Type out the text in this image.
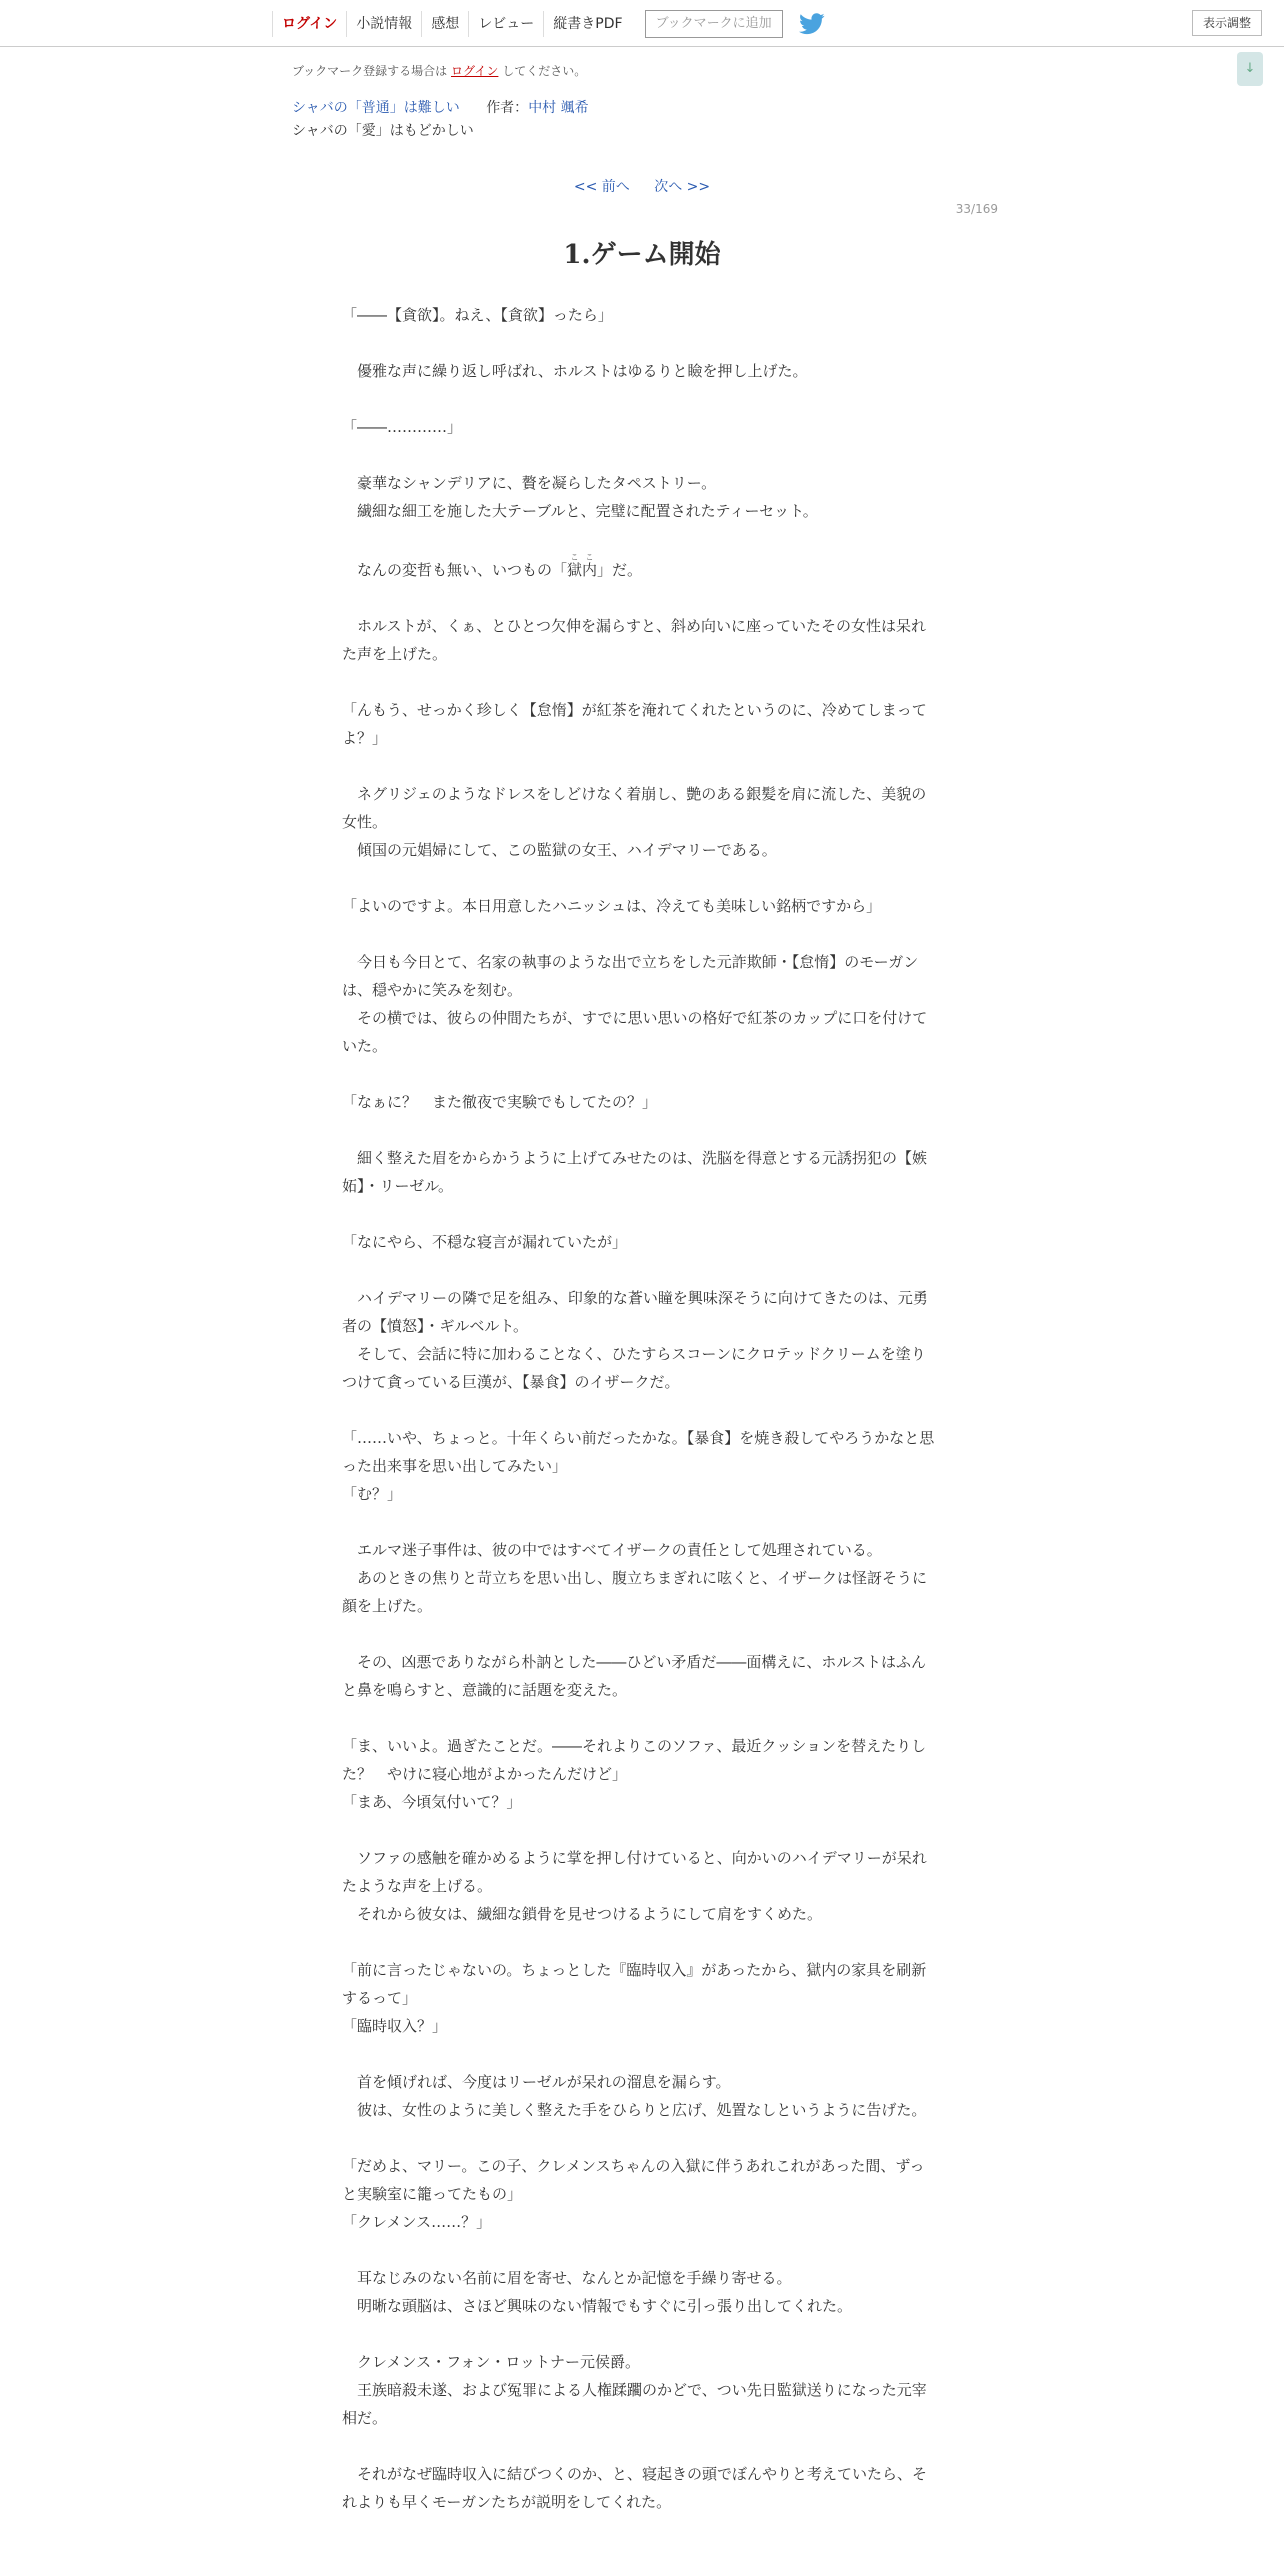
ログイン	小説情報	感想	レビュー	縦書きPDF	ブックマークに追加	表示調整
↓
ブックマーク登録する場合は ログイン してください。
シャバの「普通」は難しい 作者：中村 颯希
シャバの「愛」はもどかしい
<< 前へ 次へ >>
33/169
1.ゲーム開始

「――【貪欲】。ねえ、【貪欲】ったら」

　優雅な声に繰り返し呼ばれ、ホルストはゆるりと瞼を押し上げた。

「――…………」

　豪華なシャンデリアに、贅を凝らしたタペストリー。

　繊細な細工を施した大テーブルと、完璧に配置されたティーセット。

　なんの変哲も無い、いつもの「獄内ここ」だ。

　ホルストが、くぁ、とひとつ欠伸を漏らすと、斜め向いに座っていたその女性は呆れた声を上げた。

「んもう、せっかく珍しく【怠惰】が紅茶を淹れてくれたというのに、冷めてしまってよ？」

　ネグリジェのようなドレスをしどけなく着崩し、艶のある銀髪を肩に流した、美貌の女性。

　傾国の元娼婦にして、この監獄の女王、ハイデマリーである。

「よいのですよ。本日用意したハニッシュは、冷えても美味しい銘柄ですから」

　今日も今日とて、名家の執事のような出で立ちをした元詐欺師・【怠惰】のモーガンは、穏やかに笑みを刻む。

　その横では、彼らの仲間たちが、すでに思い思いの格好で紅茶のカップに口を付けていた。

「なぁに？　また徹夜で実験でもしてたの？」

　細く整えた眉をからかうように上げてみせたのは、洗脳を得意とする元誘拐犯の【嫉妬】・リーゼル。

「なにやら、不穏な寝言が漏れていたが」

　ハイデマリーの隣で足を組み、印象的な蒼い瞳を興味深そうに向けてきたのは、元勇者の【憤怒】・ギルベルト。

　そして、会話に特に加わることなく、ひたすらスコーンにクロテッドクリームを塗りつけて貪っている巨漢が、【暴食】のイザークだ。

「……いや、ちょっと。十年くらい前だったかな。【暴食】を焼き殺してやろうかなと思った出来事を思い出してみたい」

「む？」

　エルマ迷子事件は、彼の中ではすべてイザークの責任として処理されている。

　あのときの焦りと苛立ちを思い出し、腹立ちまぎれに呟くと、イザークは怪訝そうに顔を上げた。

　その、凶悪でありながら朴訥とした――ひどい矛盾だ――面構えに、ホルストはふんと鼻を鳴らすと、意識的に話題を変えた。

「ま、いいよ。過ぎたことだ。――それよりこのソファ、最近クッションを替えたりした？　やけに寝心地がよかったんだけど」

「まあ、今頃気付いて？」

　ソファの感触を確かめるように掌を押し付けていると、向かいのハイデマリーが呆れたような声を上げる。

　それから彼女は、繊細な鎖骨を見せつけるようにして肩をすくめた。

「前に言ったじゃないの。ちょっとした『臨時収入』があったから、獄内の家具を刷新するって」

「臨時収入？」

　首を傾げれば、今度はリーゼルが呆れの溜息を漏らす。

　彼は、女性のように美しく整えた手をひらりと広げ、処置なしというように告げた。

「だめよ、マリー。この子、クレメンスちゃんの入獄に伴うあれこれがあった間、ずっと実験室に籠ってたもの」

「クレメンス……？」

　耳なじみのない名前に眉を寄せ、なんとか記憶を手繰り寄せる。

　明晰な頭脳は、さほど興味のない情報でもすぐに引っ張り出してくれた。

　クレメンス・フォン・ロットナー元侯爵。

　王族暗殺未遂、および冤罪による人権蹂躙のかどで、つい先日監獄送りになった元宰相だ。

　それがなぜ臨時収入に結びつくのか、と、寝起きの頭でぼんやりと考えていたら、それよりも早くモーガンたちが説明をしてくれた。
